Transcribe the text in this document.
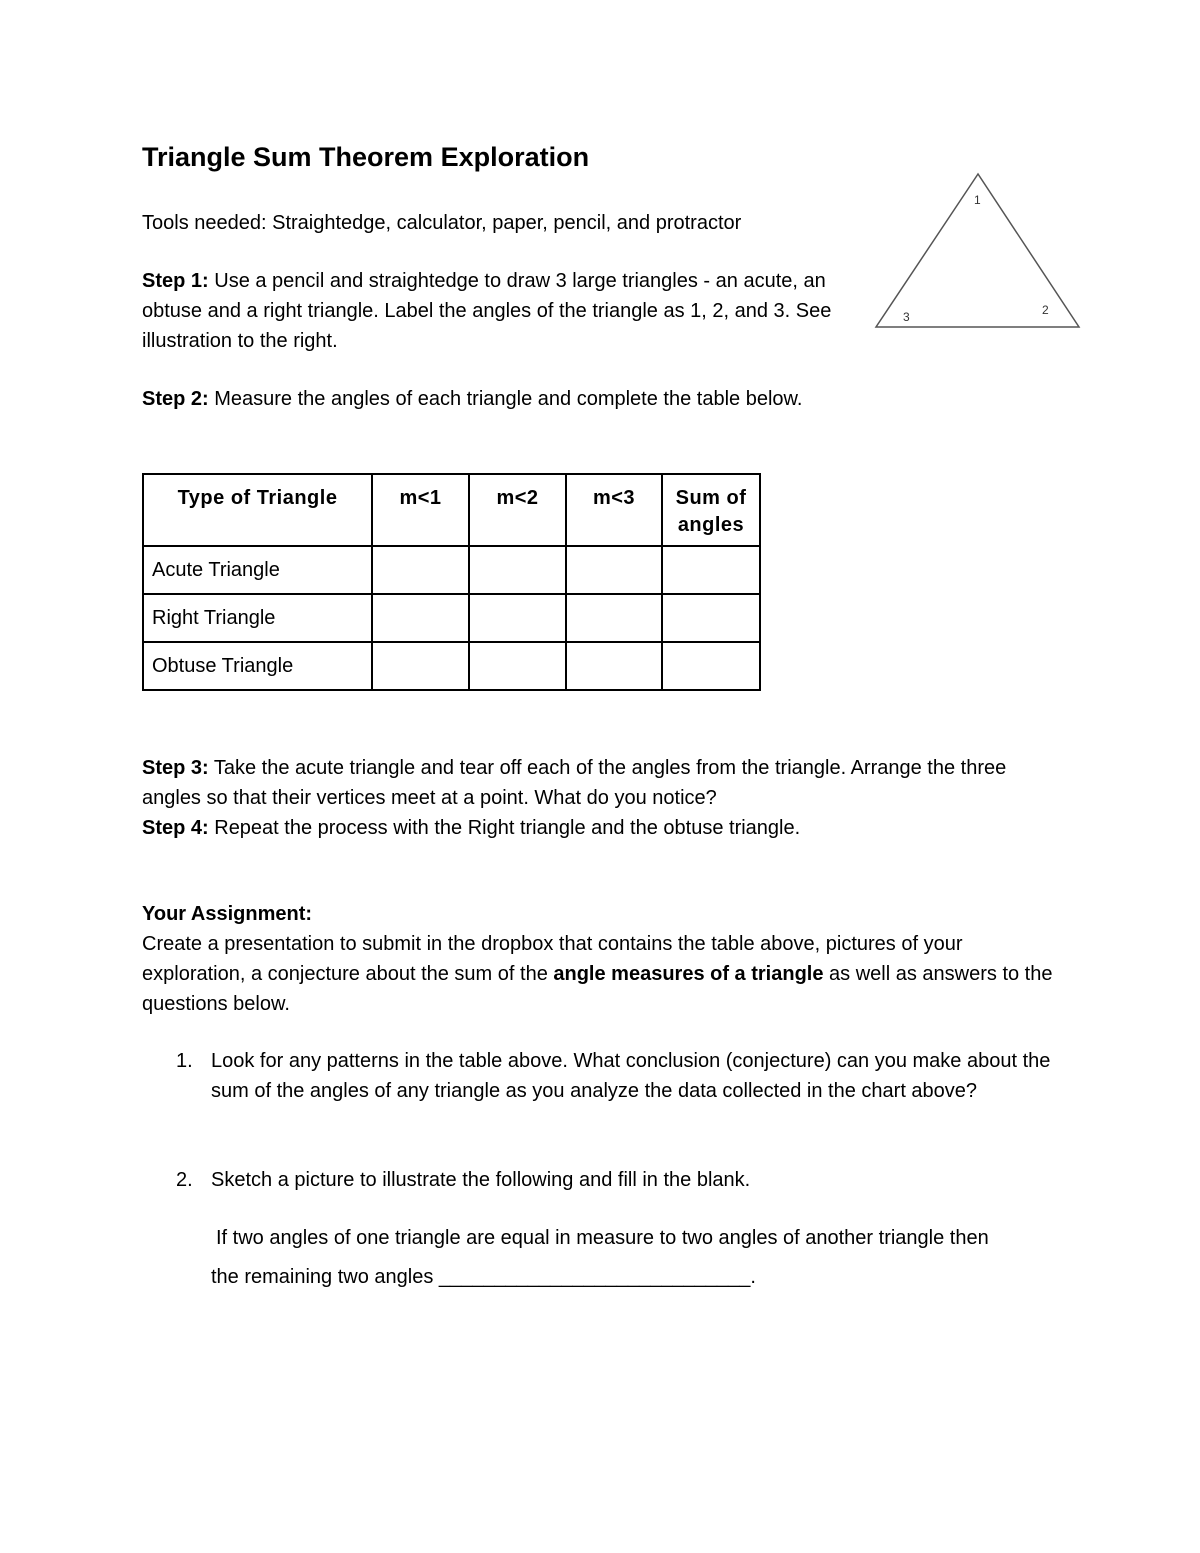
Triangle Sum Theorem Exploration

Tools needed: Straightedge, calculator, paper, pencil, and protractor

Step 1: Use a pencil and straightedge to draw 3 large triangles - an acute, an obtuse and a right triangle. Label the angles of the triangle as 1, 2, and 3. See illustration to the right.

Step 2: Measure the angles of each triangle and complete the table below.

1
2
3
Type of Triangle	m<1	m<2	m<3	Sum of angles
Acute Triangle				
Right Triangle				
Obtuse Triangle				

Step 3: Take the acute triangle and tear off each of the angles from the triangle. Arrange the three angles so that their vertices meet at a point. What do you notice?

Step 4: Repeat the process with the Right triangle and the obtuse triangle.

Your Assignment:

Create a presentation to submit in the dropbox that contains the table above, pictures of your exploration, a conjecture about the sum of the angle measures of a triangle as well as answers to the questions below.

1. Look for any patterns in the table above. What conclusion (conjecture) can you make about the sum of the angles of any triangle as you analyze the data collected in the chart above?
2. Sketch a picture to illustrate the following and fill in the blank.
If two angles of one triangle are equal in measure to two angles of another triangle then
the remaining two angles ____________________________.
